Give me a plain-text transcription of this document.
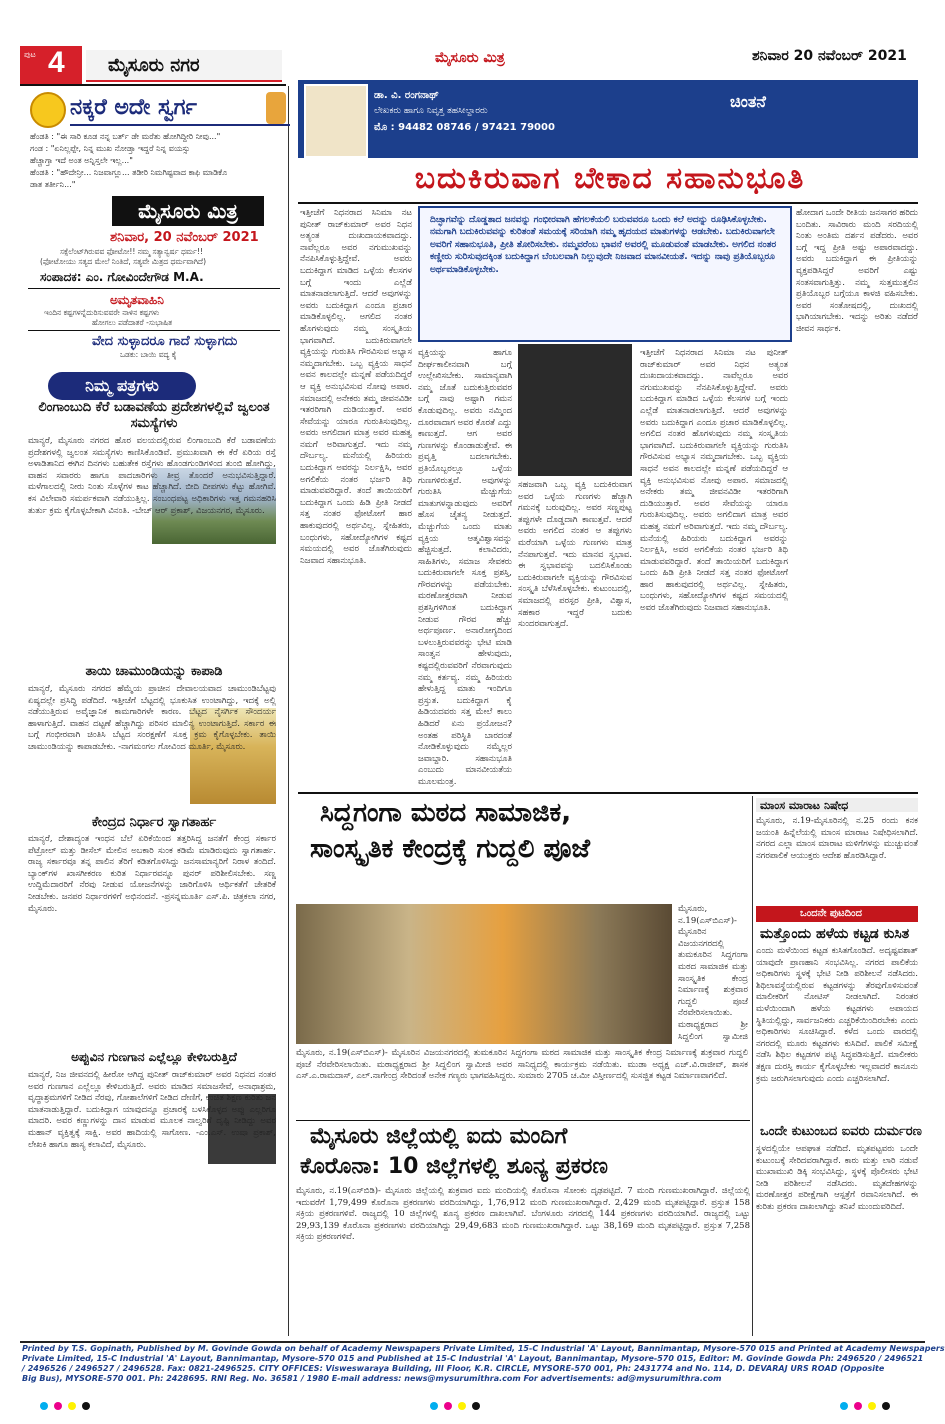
ಪುಟ 4	ಮೈಸೂರು ನಗರ	ಮೈಸೂರು ಮಿತ್ರ	ಶನಿವಾರ 20 ನವೆಂಬರ್ 2021
ನಕ್ಕರೆ ಅದೇ ಸ್ವರ್ಗ
ಹೆಂಡತಿ : "ಈ ಸಾರಿ ಕೂಡ ನನ್ನ ಬರ್ತ್ ಡೇ ಮರೆತು ಹೋಗಿದ್ದೀರಿ ನೀವು..."
ಗಂಡ : "ಏನಿಲ್ಲಪ್ಪೇ, ನಿನ್ನ ಮುಖ ನೋಡ್ತಾ ಇದ್ದರೆ ನಿನ್ನ ವಯಸ್ಸು
ಹೆಚ್ಚಾಗ್ತಾ ಇದೆ ಅಂತ ಅನ್ನಿಸ್ತಲೇ ಇಲ್ಲ..."
ಹೆಂಡತಿ : "ಹೌದೇನ್ರೀ... ನಿಜವಾಗ್ಲೂ... ತಡೀರಿ ನಿಮಗಿಷ್ಟವಾದ ಕಾಫಿ ಮಾಡಿಕೊ
ಡಾತ ತರ್ತೀನಿ..."
ಮೈಸೂರು ಮಿತ್ರ
ಶನಿವಾರ, 20 ನವೆಂಬರ್ 2021
ಸಕ್ಸೆಲೆಂಟ್‌ಗಿರುವವ ಫೋಟೋ!! ನಮ್ಮ ಸತ್ಯಾನ್ವರ್ಷ ಧರ್ಮ!!
(ಫೋಟೋಯು ಸತ್ಯದ ಮೇಲೆ ನಿಂತಿದೆ, ಸತ್ಯವೇ ಮಿತ್ರದ ಧರ್ಮವಾಗಿದೆ)
ಸಂಪಾದಕ: ಎಂ. ಗೋವಿಂದೇಗೌಡ M.A.
ಅಮೃತವಾಹಿನಿ
ಇಂದಿನ ಕಷ್ಟಗಳನ್ನೆದುರಿಸುವವರೇ ನಾಳಿನ ಕಷ್ಟಗಳು
ಹೋಗಲು ಪಡೆದಾತರೆ -ಸುಭಾಷಿತ
ವೇದ ಸುಳ್ಳಾದರೂ ಗಾದೆ ಸುಳ್ಳಾಗದು
ಒಡಕು: ಬಾಯಿ ವದ್ಯ ಕೈ
ನಿಮ್ಮ ಪತ್ರಗಳು
ಲಿಂಗಾಂಬುದಿ ಕೆರೆ ಬಡಾವಣೆಯ ಪ್ರದೇಶಗಳಲ್ಲಿವೆ ಜ್ವಲಂತ ಸಮಸ್ಯೆಗಳು
ಮಾನ್ಯರೆ, ಮೈಸೂರು ನಗರದ ಹೊರ ವಲಯದಲ್ಲಿರುವ ಲಿಂಗಾಂಬುದಿ ಕೆರೆ ಬಡಾವಣೆಯ ಪ್ರದೇಶಗಳಲ್ಲಿ ಜ್ವಲಂತ ಸಮಸ್ಯೆಗಳು ಕಾಣಿಸಿಕೊಂಡಿವೆ. ಪ್ರಮುಖವಾಗಿ ಈ ಕೆರೆ ಏರಿಯ ರಸ್ತೆ ಅಳಾಡಿತಾನಿದ ಈಗಿನ ದಿನಗಳು ಬಹುತೇಕ ರಸ್ತೆಗಳು ಹೊಂಡಗುಂಡಿಗಳಿಂದ ತುಂಬಿ ಹೋಗಿದ್ದು, ವಾಹನ ಸವಾರರು ಹಾಗೂ ಪಾದಚಾರಿಗಳು ತೀವ್ರ ತೊಂದರೆ ಅನುಭವಿಸುತ್ತಿದ್ದಾರೆ. ಮಳೆಗಾಲದಲ್ಲಿ ನೀರು ನಿಂತು ಸೊಳ್ಳೆಗಳ ಕಾಟ ಹೆಚ್ಚಾಗಿದೆ. ಬೀದಿ ದೀಪಗಳು ಕೆಟ್ಟು ಹೋಗಿವೆ. ಕಸ ವಿಲೇವಾರಿ ಸಮರ್ಪಕವಾಗಿ ನಡೆಯುತ್ತಿಲ್ಲ. ಸಂಬಂಧಪಟ್ಟ ಅಧಿಕಾರಿಗಳು ಇತ್ತ ಗಮನಹರಿಸಿ ತುರ್ತು ಕ್ರಮ ಕೈಗೊಳ್ಳಬೇಕಾಗಿ ವಿನಂತಿ. -ಬೇಚ್ ಆರ್ ಪ್ರಕಾಶ್, ವಿಜಯನಗರ, ಮೈಸೂರು.
ತಾಯಿ ಚಾಮುಂಡಿಯನ್ನು ಕಾಪಾಡಿ
ಮಾನ್ಯರೆ, ಮೈಸೂರು ನಗರದ ಹೆಮ್ಮೆಯ ಪ್ರಾಚೀನ ದೇವಾಲಯವಾದ ಚಾಮುಂಡಿಬೆಟ್ಟವು ಏಷ್ಯದಲ್ಲೇ ಪ್ರಸಿದ್ಧಿ ಪಡೆದಿದೆ. ಇತ್ತೀಚೆಗೆ ಬೆಟ್ಟದಲ್ಲಿ ಭೂಕುಸಿತ ಉಂಟಾಗಿದ್ದು, ಇದಕ್ಕೆ ಅಲ್ಲಿ ನಡೆಯುತ್ತಿರುವ ಅವೈಜ್ಞಾನಿಕ ಕಾಮಗಾರಿಗಳೇ ಕಾರಣ. ಬೆಟ್ಟದ ನೈಸರ್ಗಿಕ ಸೌಂದರ್ಯ ಹಾಳಾಗುತ್ತಿದೆ. ವಾಹನ ದಟ್ಟಣೆ ಹೆಚ್ಚಾಗಿದ್ದು ಪರಿಸರ ಮಾಲಿನ್ಯ ಉಂಟಾಗುತ್ತಿದೆ. ಸರ್ಕಾರ ಈ ಬಗ್ಗೆ ಗಂಭೀರವಾಗಿ ಚಿಂತಿಸಿ ಬೆಟ್ಟದ ಸಂರಕ್ಷಣೆಗೆ ಸೂಕ್ತ ಕ್ರಮ ಕೈಗೊಳ್ಳಬೇಕು. ತಾಯಿ ಚಾಮುಂಡಿಯನ್ನು ಕಾಪಾಡಬೇಕು. -ನಾಗಮಂಗಲ ಗೋವಿಂದ ಮೂರ್ತಿ, ಮೈಸೂರು.
ಕೇಂದ್ರದ ನಿರ್ಧಾರ ಸ್ವಾಗತಾರ್ಹ
ಮಾನ್ಯರೆ, ದೇಶಾದ್ಯಂತ ಇಂಧನ ಬೆಲೆ ಏರಿಕೆಯಿಂದ ತತ್ತರಿಸಿದ್ದ ಜನತೆಗೆ ಕೇಂದ್ರ ಸರ್ಕಾರ ಪೆಟ್ರೋಲ್ ಮತ್ತು ಡೀಸೆಲ್ ಮೇಲಿನ ಅಬಕಾರಿ ಸುಂಕ ಕಡಿಮೆ ಮಾಡಿರುವುದು ಸ್ವಾಗತಾರ್ಹ. ರಾಜ್ಯ ಸರ್ಕಾರವೂ ತನ್ನ ಪಾಲಿನ ತೆರಿಗೆ ಕಡಿತಗೊಳಿಸಿದ್ದು ಜನಸಾಮಾನ್ಯರಿಗೆ ನಿರಾಳ ತಂದಿದೆ. ಬ್ಯಾಂಕ್‌ಗಳ ಖಾಸಗೀಕರಣ ಕುರಿತ ನಿರ್ಧಾರವನ್ನೂ ಪುನರ್ ಪರಿಶೀಲಿಸಬೇಕು. ಸಣ್ಣ ಉದ್ದಿಮೆದಾರರಿಗೆ ನೆರವು ನೀಡುವ ಯೋಜನೆಗಳನ್ನು ಜಾರಿಗೊಳಿಸಿ ಆರ್ಥಿಕತೆಗೆ ಚೇತರಿಕೆ ನೀಡಬೇಕು. ಜನಪರ ನಿರ್ಧಾರಗಳಿಗೆ ಅಭಿನಂದನೆ. -ಪ್ರಸನ್ನಮೂರ್ತಿ ಎಸ್.ಪಿ. ಚಿತ್ರಕಲಾ ನಗರ, ಮೈಸೂರು.
ಅಪ್ಪುವಿನ ಗುಣಗಾನ ಎಲ್ಲೆಲ್ಲೂ ಕೇಳಿಬರುತ್ತಿದೆ
ಮಾನ್ಯರೆ, ನಿಜ ಜೀವನದಲ್ಲಿ ಹೀರೋ ಆಗಿದ್ದ ಪುನೀತ್ ರಾಜ್‌ಕುಮಾರ್ ಅವರ ನಿಧನದ ನಂತರ ಅವರ ಗುಣಗಾನ ಎಲ್ಲೆಲ್ಲೂ ಕೇಳಿಬರುತ್ತಿದೆ. ಅವರು ಮಾಡಿದ ಸಮಾಜಸೇವೆ, ಅನಾಥಾಶ್ರಮ, ವೃದ್ಧಾಶ್ರಮಗಳಿಗೆ ನೀಡಿದ ನೆರವು, ಗೋಶಾಲೆಗಳಿಗೆ ನೀಡಿದ ದೇಣಿಗೆ, ಉಚಿತ ಶಿಕ್ಷಣ ಕುರಿತು ಜನ ಮಾತನಾಡುತ್ತಿದ್ದಾರೆ. ಬದುಕಿದ್ದಾಗ ಯಾವುದನ್ನೂ ಪ್ರಚಾರಕ್ಕೆ ಬಳಸಿಕೊಳ್ಳದ ಅಪ್ಪು ಎಲ್ಲರಿಗೂ ಮಾದರಿ. ಅವರ ಕಣ್ಣುಗಳನ್ನು ದಾನ ಮಾಡುವ ಮೂಲಕ ನಾಲ್ವರಿಗೆ ದೃಷ್ಟಿ ನೀಡಿದ್ದು ಅವರ ಮಹಾನ್ ವ್ಯಕ್ತಿತ್ವಕ್ಕೆ ಸಾಕ್ಷಿ. ಅವರ ಹಾದಿಯಲ್ಲಿ ಸಾಗೋಣ. -ಎಂ.ಎಸ್. ಉಷಾ ಪ್ರಕಾಶ್, ಲೇಖಕಿ ಹಾಗೂ ಹಾಸ್ಯ ಕಲಾವಿದೆ, ಮೈಸೂರು.
ಡಾ. ವಿ. ರಂಗನಾಥ್
ಲೇಖಕರು ಹಾಗೂ ನಿವೃತ್ತ ತಹಸೀಲ್ದಾರರು
ಮೊ : 94482 08746 / 97421 79000
ಚಿಂತನೆ
ಬದುಕಿರುವಾಗ ಬೇಕಾದ ಸಹಾನುಭೂತಿ
ಇತ್ತೀಚೆಗೆ ನಿಧನರಾದ ಸಿನಿಮಾ ನಟ ಪುನೀತ್ ರಾಜ್‌ಕುಮಾರ್ ಅವರ ನಿಧನ ಅತ್ಯಂತ ದುಃಖದಾಯಕವಾದದ್ದು. ನಾವೆಲ್ಲರೂ ಅವರ ನಗುಮುಖವನ್ನು ನೆನಪಿಸಿಕೊಳ್ಳುತ್ತಿದ್ದೇವೆ. ಅವರು ಬದುಕಿದ್ದಾಗ ಮಾಡಿದ ಒಳ್ಳೆಯ ಕೆಲಸಗಳ ಬಗ್ಗೆ ಇಂದು ಎಲ್ಲೆಡೆ ಮಾತನಾಡಲಾಗುತ್ತಿದೆ. ಆದರೆ ಅವುಗಳನ್ನು ಅವರು ಬದುಕಿದ್ದಾಗ ಎಂದೂ ಪ್ರಚಾರ ಮಾಡಿಕೊಳ್ಳಲಿಲ್ಲ. ಅಗಲಿದ ನಂತರ ಹೊಗಳುವುದು ನಮ್ಮ ಸಂಸ್ಕೃತಿಯ ಭಾಗವಾಗಿದೆ. ಬದುಕಿರುವಾಗಲೇ ವ್ಯಕ್ತಿಯನ್ನು ಗುರುತಿಸಿ ಗೌರವಿಸುವ ಅಭ್ಯಾಸ ನಮ್ಮದಾಗಬೇಕು. ಒಬ್ಬ ವ್ಯಕ್ತಿಯ ಸಾಧನೆ ಅವನ ಕಾಲದಲ್ಲೇ ಮನ್ನಣೆ ಪಡೆಯದಿದ್ದರೆ ಆ ವ್ಯಕ್ತಿ ಅನುಭವಿಸುವ ನೋವು ಅಪಾರ. ಸಮಾಜದಲ್ಲಿ ಅನೇಕರು ತಮ್ಮ ಜೀವನವಿಡೀ ಇತರರಿಗಾಗಿ ದುಡಿಯುತ್ತಾರೆ. ಅವರ ಸೇವೆಯನ್ನು ಯಾರೂ ಗುರುತಿಸುವುದಿಲ್ಲ. ಅವರು ಅಗಲಿದಾಗ ಮಾತ್ರ ಅವರ ಮಹತ್ವ ನಮಗೆ ಅರಿವಾಗುತ್ತದೆ. ಇದು ನಮ್ಮ ದೌರ್ಬಲ್ಯ. ಮನೆಯಲ್ಲಿ ಹಿರಿಯರು ಬದುಕಿದ್ದಾಗ ಅವರನ್ನು ನಿರ್ಲಕ್ಷಿಸಿ, ಅವರ ಅಗಲಿಕೆಯ ನಂತರ ಭರ್ಜರಿ ತಿಥಿ ಮಾಡುವವರಿದ್ದಾರೆ. ತಂದೆ ತಾಯಿಯರಿಗೆ ಬದುಕಿದ್ದಾಗ ಒಂದು ಹಿಡಿ ಪ್ರೀತಿ ನೀಡದೆ ಸತ್ತ ನಂತರ ಫೋಟೋಗೆ ಹಾರ ಹಾಕುವುದರಲ್ಲಿ ಅರ್ಥವಿಲ್ಲ. ಸ್ನೇಹಿತರು, ಬಂಧುಗಳು, ಸಹೋದ್ಯೋಗಿಗಳ ಕಷ್ಟದ ಸಮಯದಲ್ಲಿ ಅವರ ಜೊತೆಗಿರುವುದು ನಿಜವಾದ ಸಹಾನುಭೂತಿ.
ದಿಚ್ಛಾಗವೆನ್ನು ದೊಡ್ಡತಾದ ಜನವನ್ನು ಗಂಭೀರವಾಗಿ ಹೆಗಲಕೆಯಲಿ ಬರುವವರೂ ಒಂದು ಕಲೆ ಅದನ್ನು ರೂಢಿಸಿಕೊಳ್ಳಬೇಕು. ನಮಗಾಗಿ ಬದುಕಿರುವವನ್ನು ಕುರಿತಂತೆ ಸಮಯಕ್ಕೆ ಸರಿಯಾಗಿ ನಮ್ಮ ಹೃದಯದ ಮಾತುಗಳನ್ನು ಆಡಬೇಕು. ಬದುಕಿರುವಾಗಲೇ ಅವರಿಗೆ ಸಹಾನುಭೂತಿ, ಪ್ರೀತಿ ತೋರಿಸಬೇಕು. ನಮ್ಮವರೆಂಬ ಭಾವನೆ ಅವರಲ್ಲಿ ಮೂಡುವಂತೆ ಮಾಡಬೇಕು. ಅಗಲಿದ ನಂತರ ಕಣ್ಣೀರು ಸುರಿಸುವುದಕ್ಕಿಂತ ಬದುಕಿದ್ದಾಗ ಬೆಂಬಲವಾಗಿ ನಿಲ್ಲುವುದೇ ನಿಜವಾದ ಮಾನವೀಯತೆ. ಇದನ್ನು ನಾವು ಪ್ರತಿಯೊಬ್ಬರೂ ಅರ್ಥಮಾಡಿಕೊಳ್ಳಬೇಕು.
ವ್ಯಕ್ತಿಯನ್ನು ಹಾಗೂ ದೀರ್ಘಕಾಲೀನವಾಗಿ ಬಗ್ಗೆ ಉಲ್ಲೇಖಿಸಬೇಕು. ಸಾಮಾನ್ಯವಾಗಿ ನಮ್ಮ ಜೊತೆ ಬದುಕುತ್ತಿರುವವರ ಬಗ್ಗೆ ನಾವು ಅಷ್ಟಾಗಿ ಗಮನ ಕೊಡುವುದಿಲ್ಲ. ಅವರು ನಮ್ಮಿಂದ ದೂರವಾದಾಗ ಅವರ ಕೊರತೆ ಎದ್ದು ಕಾಣುತ್ತದೆ. ಆಗ ಅವರ ಗುಣಗಳನ್ನು ಕೊಂಡಾಡುತ್ತೇವೆ. ಈ ಪ್ರವೃತ್ತಿ ಬದಲಾಗಬೇಕು. ಪ್ರತಿಯೊಬ್ಬರಲ್ಲೂ ಒಳ್ಳೆಯ ಗುಣಗಳಿರುತ್ತವೆ. ಅವುಗಳನ್ನು ಗುರುತಿಸಿ ಮೆಚ್ಚುಗೆಯ ಮಾತುಗಳನ್ನಾಡುವುದು ಅವರಿಗೆ ಹೊಸ ಚೈತನ್ಯ ನೀಡುತ್ತದೆ. ಮೆಚ್ಚುಗೆಯ ಒಂದು ಮಾತು ವ್ಯಕ್ತಿಯ ಆತ್ಮವಿಶ್ವಾಸವನ್ನು ಹೆಚ್ಚಿಸುತ್ತದೆ. ಕಲಾವಿದರು, ಸಾಹಿತಿಗಳು, ಸಮಾಜ ಸೇವಕರು ಬದುಕಿರುವಾಗಲೇ ಸೂಕ್ತ ಪ್ರಶಸ್ತಿ, ಗೌರವಗಳನ್ನು ಪಡೆಯಬೇಕು. ಮರಣೋತ್ತರವಾಗಿ ನೀಡುವ ಪ್ರಶಸ್ತಿಗಳಿಗಿಂತ ಬದುಕಿದ್ದಾಗ ನೀಡುವ ಗೌರವ ಹೆಚ್ಚು ಅರ್ಥಪೂರ್ಣ. ಅನಾರೋಗ್ಯದಿಂದ ಬಳಲುತ್ತಿರುವವರನ್ನು ಭೇಟಿ ಮಾಡಿ ಸಾಂತ್ವನ ಹೇಳುವುದು, ಕಷ್ಟದಲ್ಲಿರುವವರಿಗೆ ನೆರವಾಗುವುದು ನಮ್ಮ ಕರ್ತವ್ಯ. ನಮ್ಮ ಹಿರಿಯರು ಹೇಳುತ್ತಿದ್ದ ಮಾತು ಇಂದಿಗೂ ಪ್ರಸ್ತುತ. ಬದುಕಿದ್ದಾಗ ಕೈ ಹಿಡಿಯದವರು ಸತ್ತ ಮೇಲೆ ಕಾಲು ಹಿಡಿದರೆ ಏನು ಪ್ರಯೋಜನ? ಅಂತಹ ಪರಿಸ್ಥಿತಿ ಬಾರದಂತೆ ನೋಡಿಕೊಳ್ಳುವುದು ನಮ್ಮೆಲ್ಲರ ಜವಾಬ್ದಾರಿ. ಸಹಾನುಭೂತಿ ಎಂಬುದು ಮಾನವೀಯತೆಯ ಮೂಲಮಂತ್ರ.
ಸಹಜವಾಗಿ ಒಬ್ಬ ವ್ಯಕ್ತಿ ಬದುಕಿರುವಾಗ ಅವರ ಒಳ್ಳೆಯ ಗುಣಗಳು ಹೆಚ್ಚಾಗಿ ಗಮನಕ್ಕೆ ಬರುವುದಿಲ್ಲ. ಅವರ ಸಣ್ಣಪುಟ್ಟ ತಪ್ಪುಗಳೇ ದೊಡ್ಡದಾಗಿ ಕಾಣುತ್ತವೆ. ಆದರೆ ಅವರು ಅಗಲಿದ ನಂತರ ಆ ತಪ್ಪುಗಳು ಮರೆಯಾಗಿ ಒಳ್ಳೆಯ ಗುಣಗಳು ಮಾತ್ರ ನೆನಪಾಗುತ್ತವೆ. ಇದು ಮಾನವ ಸ್ವಭಾವ. ಈ ಸ್ವಭಾವವನ್ನು ಬದಲಿಸಿಕೊಂಡು ಬದುಕಿರುವಾಗಲೇ ವ್ಯಕ್ತಿಯನ್ನು ಗೌರವಿಸುವ ಸಂಸ್ಕೃತಿ ಬೆಳೆಸಿಕೊಳ್ಳಬೇಕು. ಕುಟುಂಬದಲ್ಲಿ, ಸಮಾಜದಲ್ಲಿ ಪರಸ್ಪರ ಪ್ರೀತಿ, ವಿಶ್ವಾಸ, ಸಹಕಾರ ಇದ್ದರೆ ಬದುಕು ಸುಂದರವಾಗುತ್ತದೆ.
ಇತ್ತೀಚೆಗೆ ನಿಧನರಾದ ಸಿನಿಮಾ ನಟ ಪುನೀತ್ ರಾಜ್‌ಕುಮಾರ್ ಅವರ ನಿಧನ ಅತ್ಯಂತ ದುಃಖದಾಯಕವಾದದ್ದು. ನಾವೆಲ್ಲರೂ ಅವರ ನಗುಮುಖವನ್ನು ನೆನಪಿಸಿಕೊಳ್ಳುತ್ತಿದ್ದೇವೆ. ಅವರು ಬದುಕಿದ್ದಾಗ ಮಾಡಿದ ಒಳ್ಳೆಯ ಕೆಲಸಗಳ ಬಗ್ಗೆ ಇಂದು ಎಲ್ಲೆಡೆ ಮಾತನಾಡಲಾಗುತ್ತಿದೆ. ಆದರೆ ಅವುಗಳನ್ನು ಅವರು ಬದುಕಿದ್ದಾಗ ಎಂದೂ ಪ್ರಚಾರ ಮಾಡಿಕೊಳ್ಳಲಿಲ್ಲ. ಅಗಲಿದ ನಂತರ ಹೊಗಳುವುದು ನಮ್ಮ ಸಂಸ್ಕೃತಿಯ ಭಾಗವಾಗಿದೆ. ಬದುಕಿರುವಾಗಲೇ ವ್ಯಕ್ತಿಯನ್ನು ಗುರುತಿಸಿ ಗೌರವಿಸುವ ಅಭ್ಯಾಸ ನಮ್ಮದಾಗಬೇಕು. ಒಬ್ಬ ವ್ಯಕ್ತಿಯ ಸಾಧನೆ ಅವನ ಕಾಲದಲ್ಲೇ ಮನ್ನಣೆ ಪಡೆಯದಿದ್ದರೆ ಆ ವ್ಯಕ್ತಿ ಅನುಭವಿಸುವ ನೋವು ಅಪಾರ. ಸಮಾಜದಲ್ಲಿ ಅನೇಕರು ತಮ್ಮ ಜೀವನವಿಡೀ ಇತರರಿಗಾಗಿ ದುಡಿಯುತ್ತಾರೆ. ಅವರ ಸೇವೆಯನ್ನು ಯಾರೂ ಗುರುತಿಸುವುದಿಲ್ಲ. ಅವರು ಅಗಲಿದಾಗ ಮಾತ್ರ ಅವರ ಮಹತ್ವ ನಮಗೆ ಅರಿವಾಗುತ್ತದೆ. ಇದು ನಮ್ಮ ದೌರ್ಬಲ್ಯ. ಮನೆಯಲ್ಲಿ ಹಿರಿಯರು ಬದುಕಿದ್ದಾಗ ಅವರನ್ನು ನಿರ್ಲಕ್ಷಿಸಿ, ಅವರ ಅಗಲಿಕೆಯ ನಂತರ ಭರ್ಜರಿ ತಿಥಿ ಮಾಡುವವರಿದ್ದಾರೆ. ತಂದೆ ತಾಯಿಯರಿಗೆ ಬದುಕಿದ್ದಾಗ ಒಂದು ಹಿಡಿ ಪ್ರೀತಿ ನೀಡದೆ ಸತ್ತ ನಂತರ ಫೋಟೋಗೆ ಹಾರ ಹಾಕುವುದರಲ್ಲಿ ಅರ್ಥವಿಲ್ಲ. ಸ್ನೇಹಿತರು, ಬಂಧುಗಳು, ಸಹೋದ್ಯೋಗಿಗಳ ಕಷ್ಟದ ಸಮಯದಲ್ಲಿ ಅವರ ಜೊತೆಗಿರುವುದು ನಿಜವಾದ ಸಹಾನುಭೂತಿ.
ಹೋದಾಗ ಒಂದೇ ರೀತಿಯ ಜನಸಾಗರ ಹರಿದು ಬಂದಿತು. ಸಾವಿರಾರು ಮಂದಿ ಸರದಿಯಲ್ಲಿ ನಿಂತು ಅಂತಿಮ ದರ್ಶನ ಪಡೆದರು. ಅವರ ಬಗ್ಗೆ ಇದ್ದ ಪ್ರೀತಿ ಅಷ್ಟು ಅಪಾರವಾದದ್ದು. ಅವರು ಬದುಕಿದ್ದಾಗ ಈ ಪ್ರೀತಿಯನ್ನು ವ್ಯಕ್ತಪಡಿಸಿದ್ದರೆ ಅವರಿಗೆ ಎಷ್ಟು ಸಂತಸವಾಗುತ್ತಿತ್ತು. ನಮ್ಮ ಸುತ್ತಮುತ್ತಲಿನ ಪ್ರತಿಯೊಬ್ಬರ ಬಗ್ಗೆಯೂ ಕಾಳಜಿ ವಹಿಸಬೇಕು. ಅವರ ಸಂತೋಷದಲ್ಲಿ, ದುಃಖದಲ್ಲಿ ಭಾಗಿಯಾಗಬೇಕು. ಇದನ್ನು ಅರಿತು ನಡೆದರೆ ಜೀವನ ಸಾರ್ಥಕ.
ಸಿದ್ದಗಂಗಾ ಮಠದ ಸಾಮಾಜಿಕ,
ಸಾಂಸ್ಕೃತಿಕ ಕೇಂದ್ರಕ್ಕೆ ಗುದ್ದಲಿ ಪೂಜೆ
ಮೈಸೂರು, ನ.19(ಎಸ್‌ಬಿಎಸ್)- ಮೈಸೂರಿನ ವಿಜಯನಗರದಲ್ಲಿ ತುಮಕೂರಿನ ಸಿದ್ದಗಂಗಾ ಮಠದ ಸಾಮಾಜಿಕ ಮತ್ತು ಸಾಂಸ್ಕೃತಿಕ ಕೇಂದ್ರ ನಿರ್ಮಾಣಕ್ಕೆ ಶುಕ್ರವಾರ ಗುದ್ದಲಿ ಪೂಜೆ ನೆರವೇರಿಸಲಾಯಿತು. ಮಠಾಧ್ಯಕ್ಷರಾದ ಶ್ರೀ ಸಿದ್ದಲಿಂಗ ಸ್ವಾಮೀಜಿ
ಮೈಸೂರು, ನ.19(ಎಸ್‌ಬಿಎಸ್)- ಮೈಸೂರಿನ ವಿಜಯನಗರದಲ್ಲಿ ತುಮಕೂರಿನ ಸಿದ್ದಗಂಗಾ ಮಠದ ಸಾಮಾಜಿಕ ಮತ್ತು ಸಾಂಸ್ಕೃತಿಕ ಕೇಂದ್ರ ನಿರ್ಮಾಣಕ್ಕೆ ಶುಕ್ರವಾರ ಗುದ್ದಲಿ ಪೂಜೆ ನೆರವೇರಿಸಲಾಯಿತು. ಮಠಾಧ್ಯಕ್ಷರಾದ ಶ್ರೀ ಸಿದ್ದಲಿಂಗ ಸ್ವಾಮೀಜಿ ಅವರ ಸಾನಿಧ್ಯದಲ್ಲಿ ಕಾರ್ಯಕ್ರಮ ನಡೆಯಿತು. ಮುಡಾ ಅಧ್ಯಕ್ಷ ಎಚ್.ವಿ.ರಾಜೀವ್, ಶಾಸಕ ಎಸ್.ಎ.ರಾಮದಾಸ್, ಎಲ್.ನಾಗೇಂದ್ರ ಸೇರಿದಂತೆ ಅನೇಕ ಗಣ್ಯರು ಭಾಗವಹಿಸಿದ್ದರು. ಸುಮಾರು 2705 ಚ.ಮೀ ವಿಸ್ತೀರ್ಣದಲ್ಲಿ ಸುಸಜ್ಜಿತ ಕಟ್ಟಡ ನಿರ್ಮಾಣವಾಗಲಿದೆ.
ಮಾಂಸ ಮಾರಾಟ ನಿಷೇಧ
ಮೈಸೂರು, ನ.19-ಮೈಸೂರಿನಲ್ಲಿ ನ.25 ರಂದು ಕನಕ ಜಯಂತಿ ಹಿನ್ನೆಲೆಯಲ್ಲಿ ಮಾಂಸ ಮಾರಾಟ ನಿಷೇಧಿಸಲಾಗಿದೆ. ನಗರದ ಎಲ್ಲಾ ಮಾಂಸ ಮಾರಾಟ ಮಳಿಗೆಗಳನ್ನು ಮುಚ್ಚುವಂತೆ ನಗರಪಾಲಿಕೆ ಆಯುಕ್ತರು ಆದೇಶ ಹೊರಡಿಸಿದ್ದಾರೆ.
ಒಂದನೇ ಪುಟದಿಂದ
ಮತ್ತೊಂದು ಹಳೆಯ ಕಟ್ಟಡ ಕುಸಿತ
ಎಂದು ಮಳೆಯಿಂದ ಕಟ್ಟಡ ಕುಸಿತಗೊಂಡಿದೆ. ಅದೃಷ್ಟವಶಾತ್ ಯಾವುದೇ ಪ್ರಾಣಹಾನಿ ಸಂಭವಿಸಿಲ್ಲ. ನಗರದ ಪಾಲಿಕೆಯ ಅಧಿಕಾರಿಗಳು ಸ್ಥಳಕ್ಕೆ ಭೇಟಿ ನೀಡಿ ಪರಿಶೀಲನೆ ನಡೆಸಿದರು. ಶಿಥಿಲಾವಸ್ಥೆಯಲ್ಲಿರುವ ಕಟ್ಟಡಗಳನ್ನು ತೆರವುಗೊಳಿಸುವಂತೆ ಮಾಲೀಕರಿಗೆ ನೋಟಿಸ್ ನೀಡಲಾಗಿದೆ. ನಿರಂತರ ಮಳೆಯಿಂದಾಗಿ ಹಳೆಯ ಕಟ್ಟಡಗಳು ಅಪಾಯದ ಸ್ಥಿತಿಯಲ್ಲಿದ್ದು, ಸಾರ್ವಜನಿಕರು ಎಚ್ಚರಿಕೆಯಿಂದಿರಬೇಕು ಎಂದು ಅಧಿಕಾರಿಗಳು ಸೂಚಿಸಿದ್ದಾರೆ. ಕಳೆದ ಒಂದು ವಾರದಲ್ಲಿ ನಗರದಲ್ಲಿ ಮೂರು ಕಟ್ಟಡಗಳು ಕುಸಿದಿವೆ. ಪಾಲಿಕೆ ಸಮೀಕ್ಷೆ ನಡೆಸಿ ಶಿಥಿಲ ಕಟ್ಟಡಗಳ ಪಟ್ಟಿ ಸಿದ್ಧಪಡಿಸುತ್ತಿದೆ. ಮಾಲೀಕರು ತಕ್ಷಣ ದುರಸ್ತಿ ಕಾರ್ಯ ಕೈಗೊಳ್ಳಬೇಕು ಇಲ್ಲವಾದರೆ ಕಾನೂನು ಕ್ರಮ ಜರುಗಿಸಲಾಗುವುದು ಎಂದು ಎಚ್ಚರಿಸಲಾಗಿದೆ.
ಮೈಸೂರು ಜಿಲ್ಲೆಯಲ್ಲಿ ಐದು ಮಂದಿಗೆ
ಕೊರೊನಾ: 10 ಜಿಲ್ಲೆಗಳಲ್ಲಿ ಶೂನ್ಯ ಪ್ರಕರಣ
ಮೈಸೂರು, ನ.19(ಎಸ್‌ಬಿಡಿ)- ಮೈಸೂರು ಜಿಲ್ಲೆಯಲ್ಲಿ ಶುಕ್ರವಾರ ಐದು ಮಂದಿಯಲ್ಲಿ ಕೊರೊನಾ ಸೋಂಕು ದೃಢಪಟ್ಟಿದೆ. 7 ಮಂದಿ ಗುಣಮುಖರಾಗಿದ್ದಾರೆ. ಜಿಲ್ಲೆಯಲ್ಲಿ ಇದುವರೆಗೆ 1,79,499 ಕೊರೊನಾ ಪ್ರಕರಣಗಳು ವರದಿಯಾಗಿದ್ದು, 1,76,912 ಮಂದಿ ಗುಣಮುಖರಾಗಿದ್ದಾರೆ. 2,429 ಮಂದಿ ಮೃತಪಟ್ಟಿದ್ದಾರೆ. ಪ್ರಸ್ತುತ 158 ಸಕ್ರಿಯ ಪ್ರಕರಣಗಳಿವೆ. ರಾಜ್ಯದಲ್ಲಿ 10 ಜಿಲ್ಲೆಗಳಲ್ಲಿ ಶೂನ್ಯ ಪ್ರಕರಣ ದಾಖಲಾಗಿವೆ. ಬೆಂಗಳೂರು ನಗರದಲ್ಲಿ 144 ಪ್ರಕರಣಗಳು ವರದಿಯಾಗಿವೆ. ರಾಜ್ಯದಲ್ಲಿ ಒಟ್ಟು 29,93,139 ಕೊರೊನಾ ಪ್ರಕರಣಗಳು ವರದಿಯಾಗಿದ್ದು 29,49,683 ಮಂದಿ ಗುಣಮುಖರಾಗಿದ್ದಾರೆ. ಒಟ್ಟು 38,169 ಮಂದಿ ಮೃತಪಟ್ಟಿದ್ದಾರೆ. ಪ್ರಸ್ತುತ 7,258 ಸಕ್ರಿಯ ಪ್ರಕರಣಗಳಿವೆ.
ಒಂದೇ ಕುಟುಂಬದ ಐವರು ದುರ್ಮರಣ
ಸ್ಥಳದಲ್ಲಿಯೇ ಆಪಘಾತ ನಡೆದಿದೆ. ಮೃತಪಟ್ಟವರು ಒಂದೇ ಕುಟುಂಬಕ್ಕೆ ಸೇರಿದವರಾಗಿದ್ದಾರೆ. ಕಾರು ಮತ್ತು ಲಾರಿ ನಡುವೆ ಮುಖಾಮುಖಿ ಡಿಕ್ಕಿ ಸಂಭವಿಸಿದ್ದು, ಸ್ಥಳಕ್ಕೆ ಪೊಲೀಸರು ಭೇಟಿ ನೀಡಿ ಪರಿಶೀಲನೆ ನಡೆಸಿದರು. ಮೃತದೇಹಗಳನ್ನು ಮರಣೋತ್ತರ ಪರೀಕ್ಷೆಗಾಗಿ ಆಸ್ಪತ್ರೆಗೆ ರವಾನಿಸಲಾಗಿದೆ. ಈ ಕುರಿತು ಪ್ರಕರಣ ದಾಖಲಾಗಿದ್ದು ತನಿಖೆ ಮುಂದುವರಿದಿದೆ.
Printed by T.S. Gopinath, Published by M. Govinde Gowda on behalf of Academy Newspapers Private Limited, 15-C Industrial 'A' Layout, Bannimantap, Mysore-570 015 and Printed at Academy Newspapers
Private Limited, 15-C Industrial 'A' Layout, Bannimantap, Mysore-570 015 and Published at 15-C Industrial 'A' Layout, Bannimantap, Mysore-570 015, Editor: M. Govinde Gowda Ph: 2496520 / 2496521
/ 2496526 / 2496527 / 2496528. Fax: 0821-2496525. CITY OFFICES: Visweswaraya Building, III Floor, K.R. CIRCLE, MYSORE-570 001, Ph: 2431774 and No. 114, D. DEVARAJ URS ROAD (Opposite
Big Bus), MYSORE-570 001. Ph: 2428695. RNI Reg. No. 36581 / 1980 E-mail address: news@mysurumithra.com For advertisements: ad@mysurumithra.com
